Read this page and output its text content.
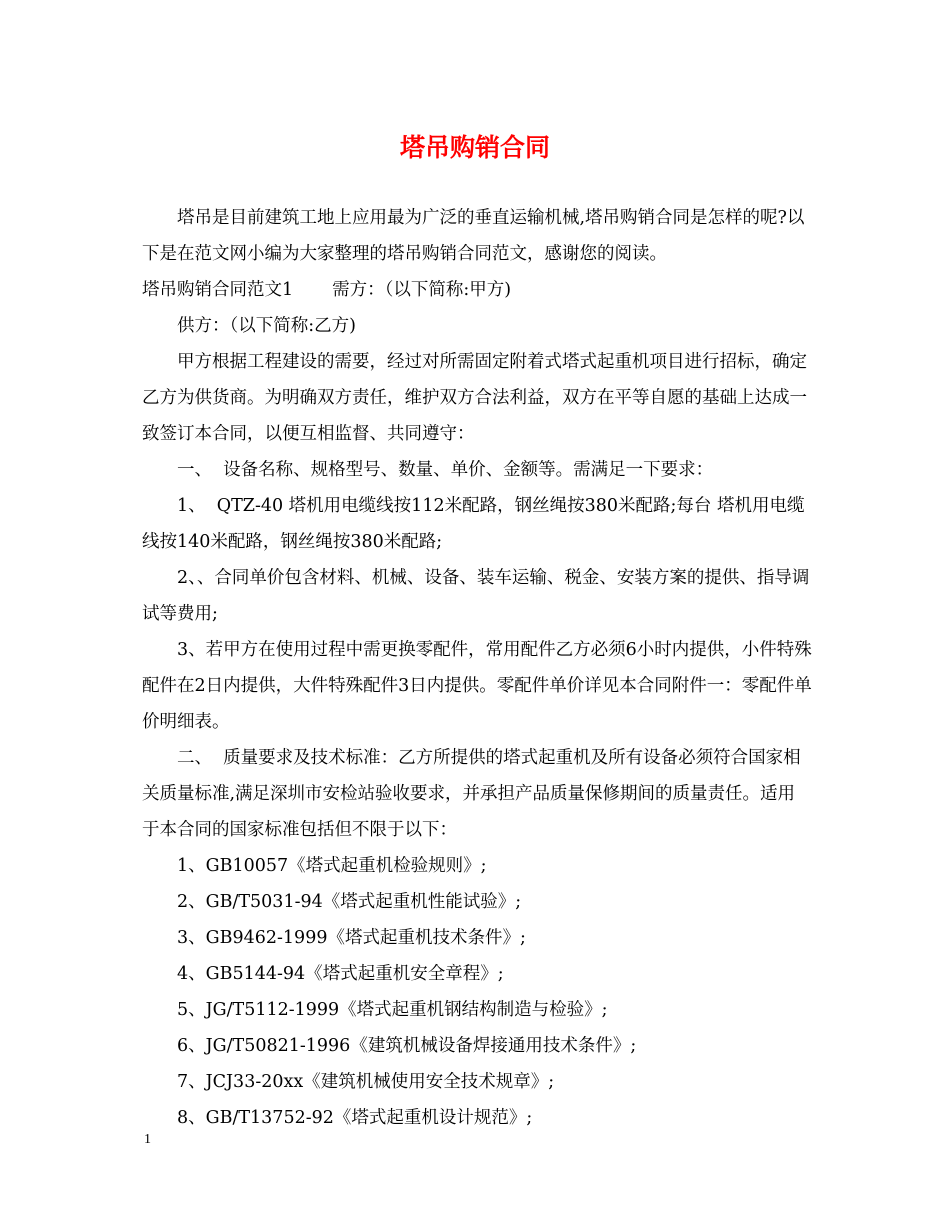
塔吊购销合同

塔吊是目前建筑工地上应用最为广泛的垂直运输机械,塔吊购销合同是怎样的呢?以下是在范文网小编为大家整理的塔吊购销合同范文，感谢您的阅读。

塔吊购销合同范文1 需方：（以下简称:甲方)

供方：（以下简称:乙方)

甲方根据工程建设的需要，经过对所需固定附着式塔式起重机项目进行招标，确定乙方为供货商。为明确双方责任，维护双方合法利益，双方在平等自愿的基础上达成一致签订本合同，以便互相监督、共同遵守：

一、  设备名称、规格型号、数量、单价、金额等。需满足一下要求：

1、  QTZ-40 塔机用电缆线按112米配路，钢丝绳按380米配路;每台 塔机用电缆线按140米配路，钢丝绳按380米配路;

2、、合同单价包含材料、机械、设备、装车运输、税金、安装方案的提供、指导调试等费用;

3、若甲方在使用过程中需更换零配件，常用配件乙方必须6小时内提供，小件特殊配件在2日内提供，大件特殊配件3日内提供。零配件单价详见本合同附件一：零配件单价明细表。

二、  质量要求及技术标准：乙方所提供的塔式起重机及所有设备必须符合国家相关质量标准,满足深圳市安检站验收要求，并承担产品质量保修期间的质量责任。适用于本合同的国家标准包括但不限于以下：

1、GB10057《塔式起重机检验规则》;
2、GB/T5031-94《塔式起重机性能试验》;
3、GB9462-1999《塔式起重机技术条件》;
4、GB5144-94《塔式起重机安全章程》;
5、JG/T5112-1999《塔式起重机钢结构制造与检验》;
6、JG/T50821-1996《建筑机械设备焊接通用技术条件》;
7、JCJ33-20xx《建筑机械使用安全技术规章》;
8、GB/T13752-92《塔式起重机设计规范》;
1
